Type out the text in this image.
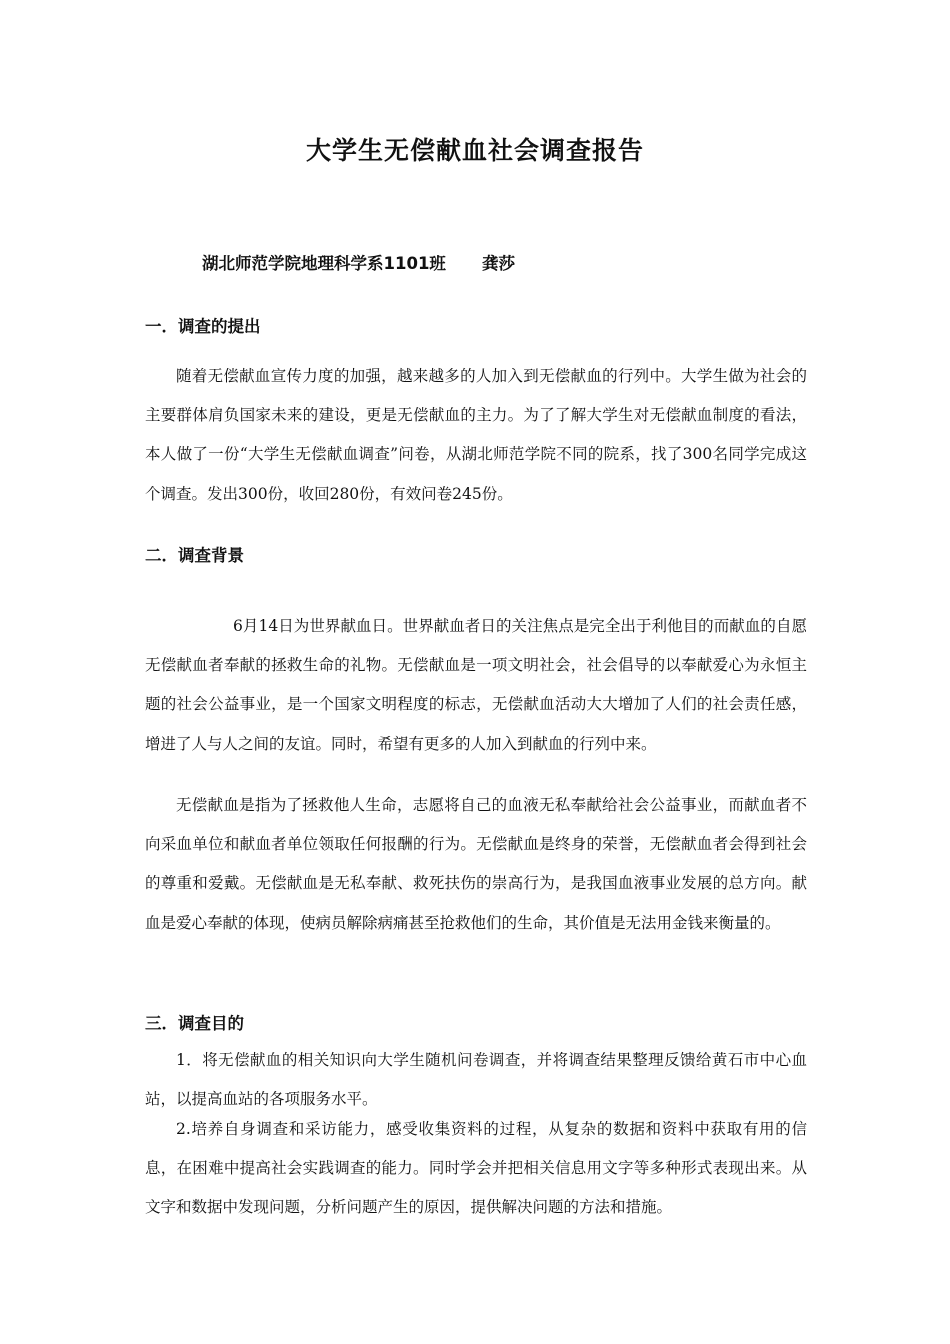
大学生无偿献血社会调查报告
湖北师范学院地理科学系1101班 龚莎
一．调查的提出

随着无偿献血宣传力度的加强，越来越多的人加入到无偿献血的行列中。大学生做为社会的主要群体肩负国家未来的建设，更是无偿献血的主力。为了了解大学生对无偿献血制度的看法，本人做了一份“大学生无偿献血调查”问卷，从湖北师范学院不同的院系，找了300名同学完成这个调查。发出300份，收回280份，有效问卷245份。

二．调查背景

6月14日为世界献血日。世界献血者日的关注焦点是完全出于利他目的而献血的自愿无偿献血者奉献的拯救生命的礼物。无偿献血是一项文明社会，社会倡导的以奉献爱心为永恒主题的社会公益事业，是一个国家文明程度的标志，无偿献血活动大大增加了人们的社会责任感，增进了人与人之间的友谊。同时，希望有更多的人加入到献血的行列中来。

无偿献血是指为了拯救他人生命，志愿将自己的血液无私奉献给社会公益事业，而献血者不向采血单位和献血者单位领取任何报酬的行为。无偿献血是终身的荣誉，无偿献血者会得到社会的尊重和爱戴。无偿献血是无私奉献、救死扶伤的崇高行为，是我国血液事业发展的总方向。献血是爱心奉献的体现，使病员解除病痛甚至抢救他们的生命，其价值是无法用金钱来衡量的。

三．调查目的

1．将无偿献血的相关知识向大学生随机问卷调查，并将调查结果整理反馈给黄石市中心血站，以提高血站的各项服务水平。

2.培养自身调查和采访能力，感受收集资料的过程，从复杂的数据和资料中获取有用的信息，在困难中提高社会实践调查的能力。同时学会并把相关信息用文字等多种形式表现出来。从文字和数据中发现问题，分析问题产生的原因，提供解决问题的方法和措施。
